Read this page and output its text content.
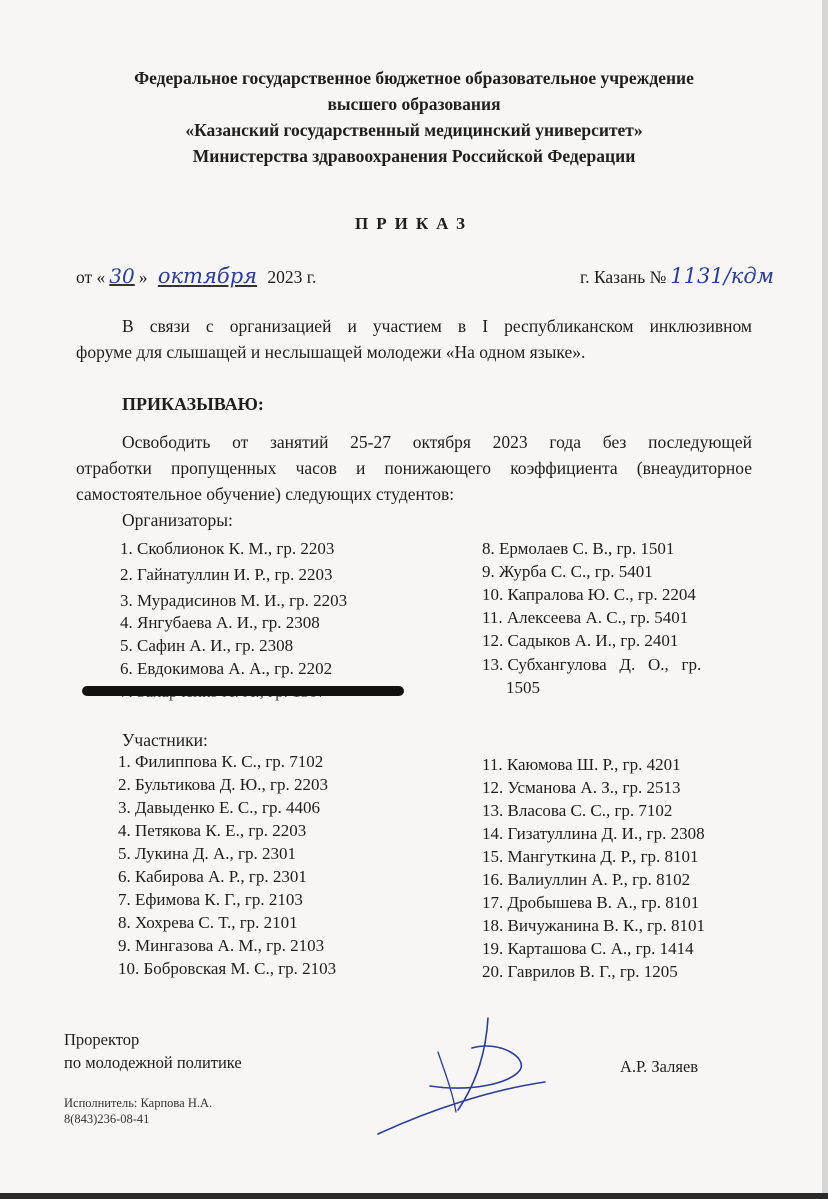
Федеральное государственное бюджетное образовательное учреждение
высшего образования
«Казанский государственный медицинский университет»
Министерства здравоохранения Российской Федерации
ПРИКАЗ
от « 30 » октября 2023 г.	г. Казань № 1131/кдм
В связи с организацией и участием в I республиканском инклюзивном
форуме для слышащей и неслышащей молодежи «На одном языке».
ПРИКАЗЫВАЮ:
Освободить от занятий 25-27 октября 2023 года без последующей
отработки пропущенных часов и понижающего коэффициента (внеаудиторное
самостоятельное обучение) следующих студентов:
Организаторы:
1. Скоблионок К. М., гр. 2203
2. Гайнатуллин И. Р., гр. 2203
3. Мурадисинов М. И., гр. 2203
4. Янгубаева А. И., гр. 2308
5. Сафин А. И., гр. 2308
6. Евдокимова А. А., гр. 2202
8. Ермолаев С. В., гр. 1501
9. Журба С. С., гр. 5401
10. Капралова Ю. С., гр. 2204
11. Алексеева А. С., гр. 5401
12. Садыков А. И., гр. 2401
13. Субхангулова   Д.   О.,   гр.
1505
Участники:
1. Филиппова К. С., гр. 7102
2. Бультикова Д. Ю., гр. 2203
3. Давыденко Е. С., гр. 4406
4. Петякова К. Е., гр. 2203
5. Лукина Д. А., гр. 2301
6. Кабирова А. Р., гр. 2301
7. Ефимова К. Г., гр. 2103
8. Хохрева С. Т., гр. 2101
9. Мингазова А. М., гр. 2103
10. Бобровская М. С., гр. 2103
11. Каюмова Ш. Р., гр. 4201
12. Усманова А. З., гр. 2513
13. Власова С. С., гр. 7102
14. Гизатуллина Д. И., гр. 2308
15. Мангуткина Д. Р., гр. 8101
16. Валиуллин А. Р., гр. 8102
17. Дробышева В. А., гр. 8101
18. Вичужанина В. К., гр. 8101
19. Карташова С. А., гр. 1414
20. Гаврилов В. Г., гр. 1205
Проректор
по молодежной политике	А.Р. Заляев
Исполнитель: Карпова Н.А.
8(843)236-08-41
